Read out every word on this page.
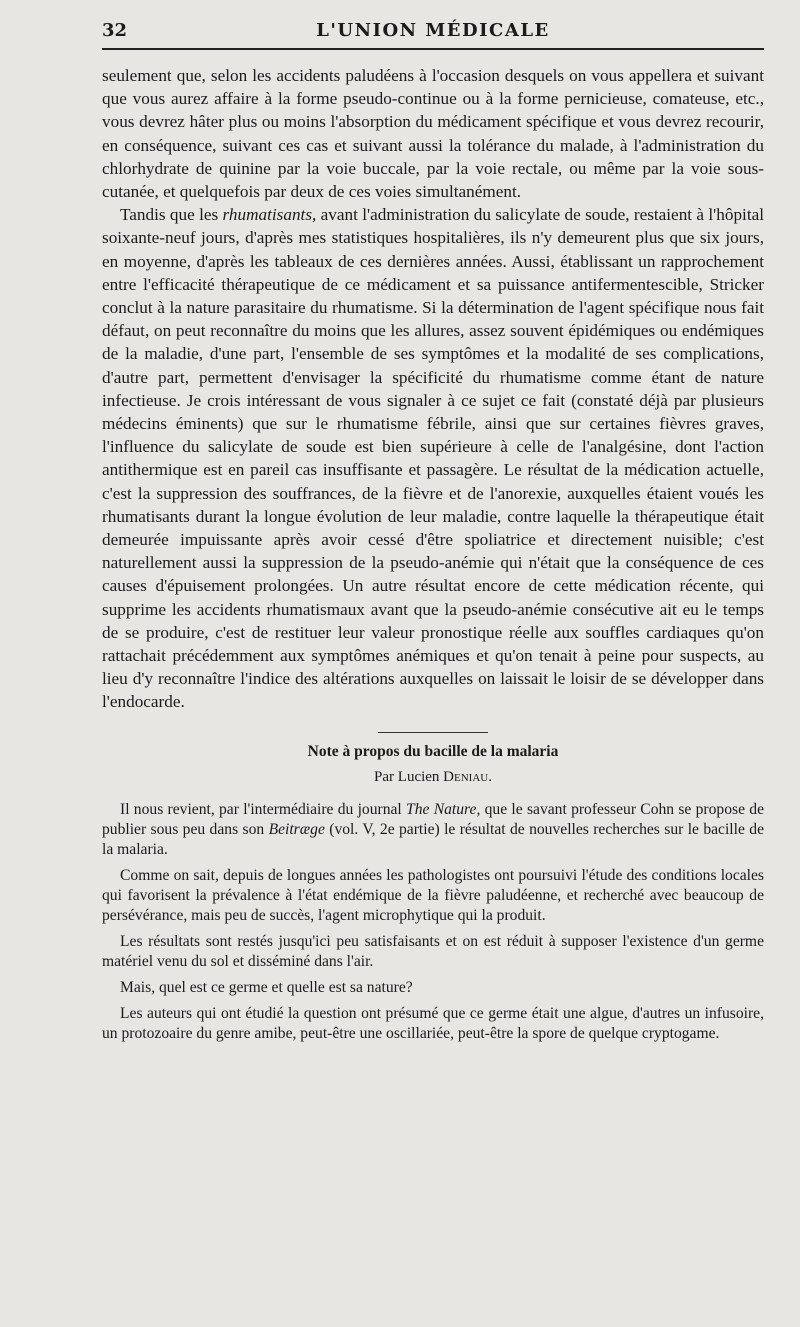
32	L'UNION MÉDICALE

seulement que, selon les accidents paludéens à l'occasion desquels on vous appellera et suivant que vous aurez affaire à la forme pseudo-continue ou à la forme pernicieuse, comateuse, etc., vous devrez hâter plus ou moins l'absorption du médicament spécifique et vous devrez recourir, en conséquence, suivant ces cas et suivant aussi la tolérance du malade, à l'administration du chlorhydrate de quinine par la voie buccale, par la voie rectale, ou même par la voie sous-cutanée, et quelquefois par deux de ces voies simultanément.

Tandis que les rhumatisants, avant l'administration du salicylate de soude, restaient à l'hôpital soixante-neuf jours, d'après mes statistiques hospitalières, ils n'y demeurent plus que six jours, en moyenne, d'après les tableaux de ces dernières années. Aussi, établissant un rapprochement entre l'efficacité thérapeutique de ce médicament et sa puissance antifermentescible, Stricker conclut à la nature parasitaire du rhumatisme. Si la détermination de l'agent spécifique nous fait défaut, on peut reconnaître du moins que les allures, assez souvent épidémiques ou endémiques de la maladie, d'une part, l'ensemble de ses symptômes et la modalité de ses complications, d'autre part, permettent d'envisager la spécificité du rhumatisme comme étant de nature infectieuse. Je crois intéressant de vous signaler à ce sujet ce fait (constaté déjà par plusieurs médecins éminents) que sur le rhumatisme fébrile, ainsi que sur certaines fièvres graves, l'influence du salicylate de soude est bien supérieure à celle de l'analgésine, dont l'action antithermique est en pareil cas insuffisante et passagère. Le résultat de la médication actuelle, c'est la suppression des souffrances, de la fièvre et de l'anorexie, auxquelles étaient voués les rhumatisants durant la longue évolution de leur maladie, contre laquelle la thérapeutique était demeurée impuissante après avoir cessé d'être spoliatrice et directement nuisible; c'est naturellement aussi la suppression de la pseudo-anémie qui n'était que la conséquence de ces causes d'épuisement prolongées. Un autre résultat encore de cette médication récente, qui supprime les accidents rhumatismaux avant que la pseudo-anémie consécutive ait eu le temps de se produire, c'est de restituer leur valeur pronostique réelle aux souffles cardiaques qu'on rattachait précédemment aux symptômes anémiques et qu'on tenait à peine pour suspects, au lieu d'y reconnaître l'indice des altérations auxquelles on laissait le loisir de se développer dans l'endocarde.

Note à propos du bacille de la malaria
Par Lucien Deniau.

Il nous revient, par l'intermédiaire du journal The Nature, que le savant professeur Cohn se propose de publier sous peu dans son Beitræge (vol. V, 2e partie) le résultat de nouvelles recherches sur le bacille de la malaria.

Comme on sait, depuis de longues années les pathologistes ont poursuivi l'étude des conditions locales qui favorisent la prévalence à l'état endémique de la fièvre paludéenne, et recherché avec beaucoup de persévérance, mais peu de succès, l'agent microphytique qui la produit.

Les résultats sont restés jusqu'ici peu satisfaisants et on est réduit à supposer l'existence d'un germe matériel venu du sol et disséminé dans l'air.

Mais, quel est ce germe et quelle est sa nature?

Les auteurs qui ont étudié la question ont présumé que ce germe était une algue, d'autres un infusoire, un protozoaire du genre amibe, peut-être une oscillariée, peut-être la spore de quelque cryptogame.
